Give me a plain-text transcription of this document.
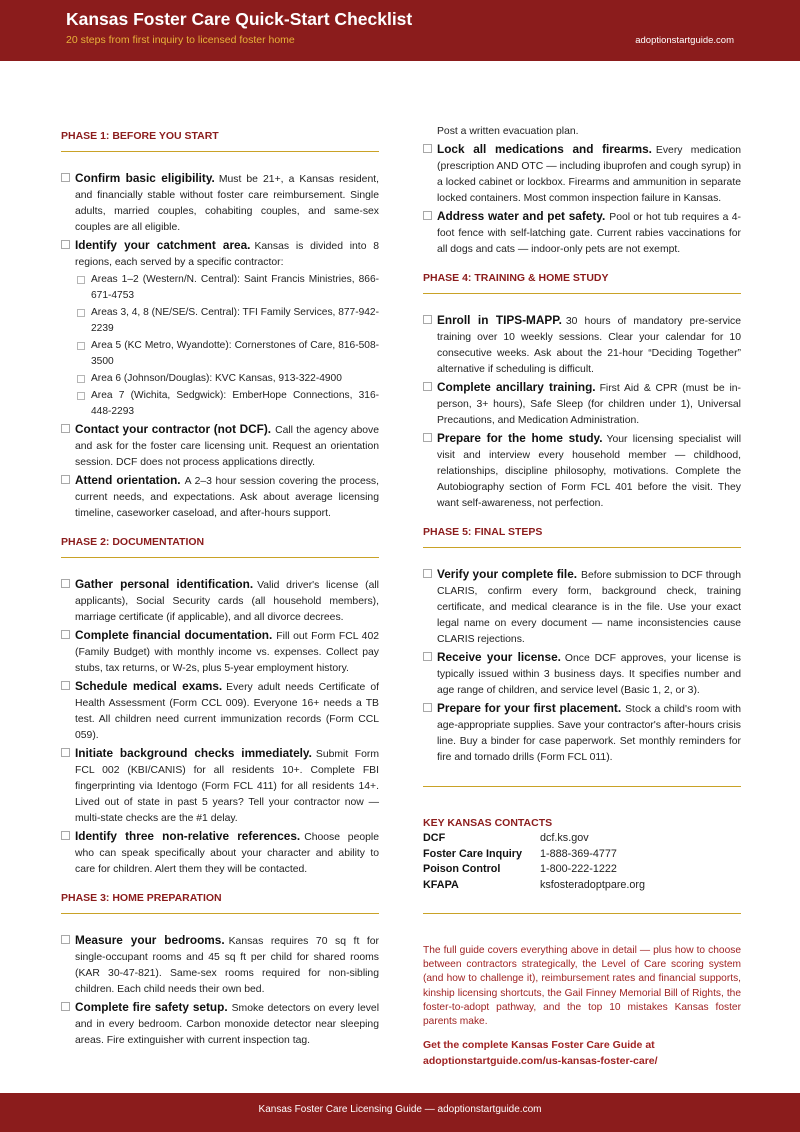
Kansas Foster Care Quick-Start Checklist
20 steps from first inquiry to licensed foster home	adoptionstartguide.com
PHASE 1: BEFORE YOU START
Confirm basic eligibility. Must be 21+, a Kansas resident, and financially stable without foster care reimbursement. Single adults, married couples, cohabiting couples, and same-sex couples are all eligible.
Identify your catchment area. Kansas is divided into 8 regions, each served by a specific contractor:
Areas 1–2 (Western/N. Central): Saint Francis Ministries, 866-671-4753
Areas 3, 4, 8 (NE/SE/S. Central): TFI Family Services, 877-942-2239
Area 5 (KC Metro, Wyandotte): Cornerstones of Care, 816-508-3500
Area 6 (Johnson/Douglas): KVC Kansas, 913-322-4900
Area 7 (Wichita, Sedgwick): EmberHope Connections, 316-448-2293
Contact your contractor (not DCF). Call the agency above and ask for the foster care licensing unit. Request an orientation session. DCF does not process applications directly.
Attend orientation. A 2–3 hour session covering the process, current needs, and expectations. Ask about average licensing timeline, caseworker caseload, and after-hours support.
PHASE 2: DOCUMENTATION
Gather personal identification. Valid driver's license (all applicants), Social Security cards (all household members), marriage certificate (if applicable), and all divorce decrees.
Complete financial documentation. Fill out Form FCL 402 (Family Budget) with monthly income vs. expenses. Collect pay stubs, tax returns, or W-2s, plus 5-year employment history.
Schedule medical exams. Every adult needs Certificate of Health Assessment (Form CCL 009). Everyone 16+ needs a TB test. All children need current immunization records (Form CCL 059).
Initiate background checks immediately. Submit Form FCL 002 (KBI/CANIS) for all residents 10+. Complete FBI fingerprinting via Identogo (Form FCL 411) for all residents 14+. Lived out of state in past 5 years? Tell your contractor now — multi-state checks are the #1 delay.
Identify three non-relative references. Choose people who can speak specifically about your character and ability to care for children. Alert them they will be contacted.
PHASE 3: HOME PREPARATION
Measure your bedrooms. Kansas requires 70 sq ft for single-occupant rooms and 45 sq ft per child for shared rooms (KAR 30-47-821). Same-sex rooms required for non-sibling children. Each child needs their own bed.
Complete fire safety setup. Smoke detectors on every level and in every bedroom. Carbon monoxide detector near sleeping areas. Fire extinguisher with current inspection tag.
Post a written evacuation plan.
Lock all medications and firearms. Every medication (prescription AND OTC — including ibuprofen and cough syrup) in a locked cabinet or lockbox. Firearms and ammunition in separate locked containers. Most common inspection failure in Kansas.
Address water and pet safety. Pool or hot tub requires a 4-foot fence with self-latching gate. Current rabies vaccinations for all dogs and cats — indoor-only pets are not exempt.
PHASE 4: TRAINING & HOME STUDY
Enroll in TIPS-MAPP. 30 hours of mandatory pre-service training over 10 weekly sessions. Clear your calendar for 10 consecutive weeks. Ask about the 21-hour “Deciding Together” alternative if scheduling is difficult.
Complete ancillary training. First Aid & CPR (must be in-person, 3+ hours), Safe Sleep (for children under 1), Universal Precautions, and Medication Administration.
Prepare for the home study. Your licensing specialist will visit and interview every household member — childhood, relationships, discipline philosophy, motivations. Complete the Autobiography section of Form FCL 401 before the visit. They want self-awareness, not perfection.
PHASE 5: FINAL STEPS
Verify your complete file. Before submission to DCF through CLARIS, confirm every form, background check, training certificate, and medical clearance is in the file. Use your exact legal name on every document — name inconsistencies cause CLARIS rejections.
Receive your license. Once DCF approves, your license is typically issued within 3 business days. It specifies number and age range of children, and service level (Basic 1, 2, or 3).
Prepare for your first placement. Stock a child's room with age-appropriate supplies. Save your contractor's after-hours crisis line. Buy a binder for case paperwork. Set monthly reminders for fire and tornado drills (Form FCL 011).
KEY KANSAS CONTACTS
DCF	dcf.ks.gov
Foster Care Inquiry	1-888-369-4777
Poison Control	1-800-222-1222
KFAPA	ksfosteradoptpare.org
The full guide covers everything above in detail — plus how to choose between contractors strategically, the Level of Care scoring system (and how to challenge it), reimbursement rates and financial supports, kinship licensing shortcuts, the Gail Finney Memorial Bill of Rights, the foster-to-adopt pathway, and the top 10 mistakes Kansas foster parents make.
Get the complete Kansas Foster Care Guide at
adoptionstartguide.com/us-kansas-foster-care/
Kansas Foster Care Licensing Guide — adoptionstartguide.com
